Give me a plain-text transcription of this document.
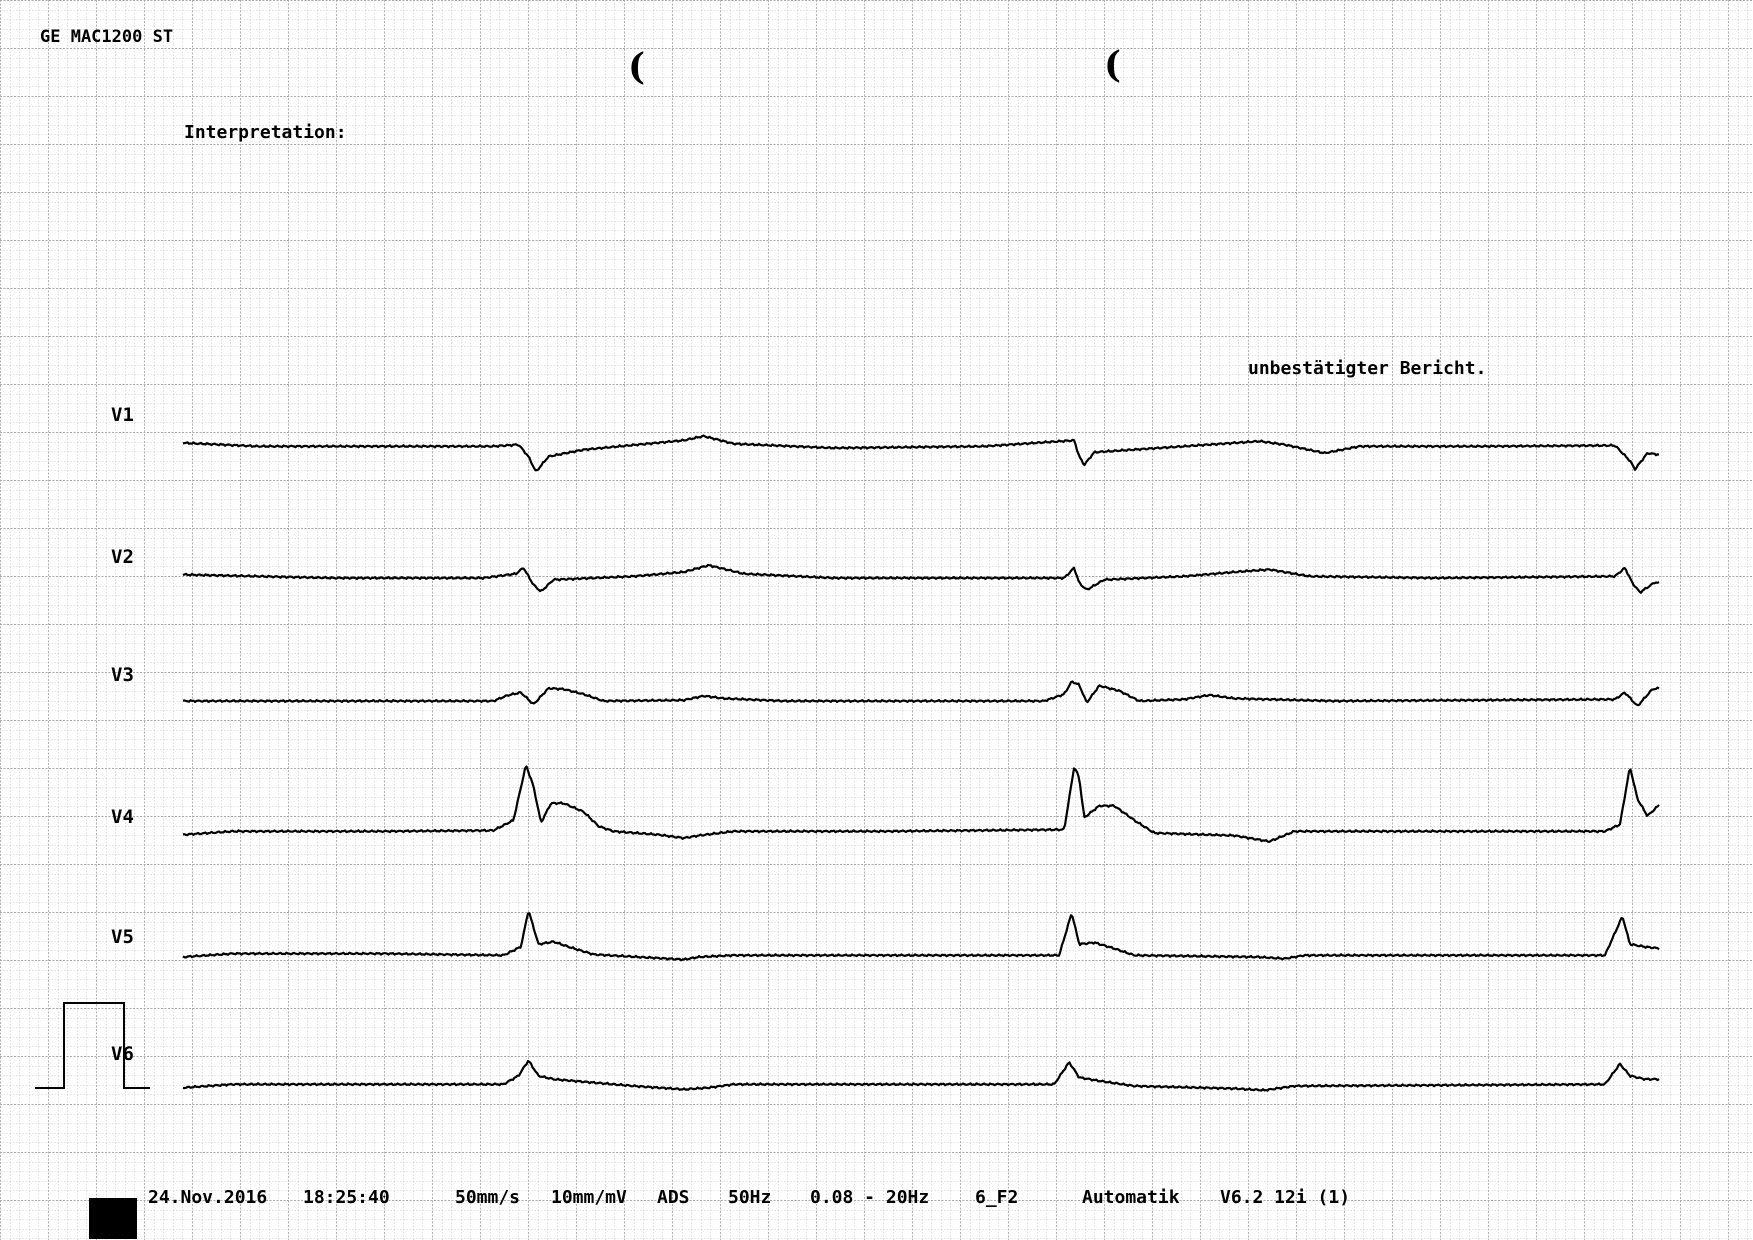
GE MAC1200 ST
Interpretation:
unbestätigter Bericht.
(	(
V1
V2
V3
V4
V5
V6

24.Nov.2016

18:25:40

	50mm/s

10mm/mV

ADS

50Hz

0.08 - 20Hz

	6_F2

	Automatik

V6.2 12i (1)
